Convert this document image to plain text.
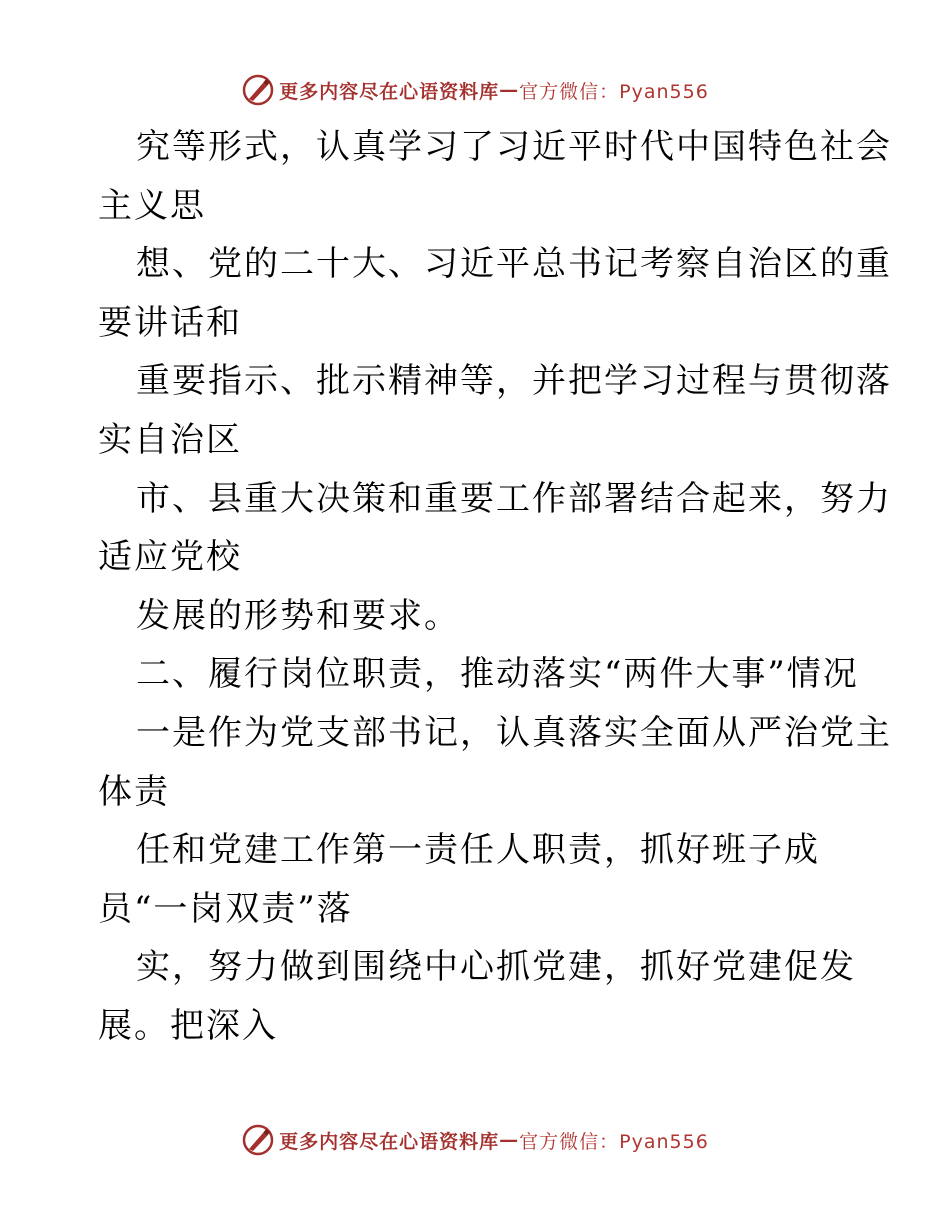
更多内容尽在心语资料库 — 官方微信：Pyan556
究等形式，认真学习了习近平时代中国特色社会
主义思
想、党的二十大、习近平总书记考察自治区的重
要讲话和
重要指示、批示精神等，并把学习过程与贯彻落
实自治区
市、县重大决策和重要工作部署结合起来，努力
适应党校
发展的形势和要求。
二、履行岗位职责，推动落实“两件大事”情况
一是作为党支部书记，认真落实全面从严治党主
体责
任和党建工作第一责任人职责，抓好班子成
员“一岗双责”落
实，努力做到围绕中心抓党建，抓好党建促发
展。把深入
更多内容尽在心语资料库 — 官方微信：Pyan556
